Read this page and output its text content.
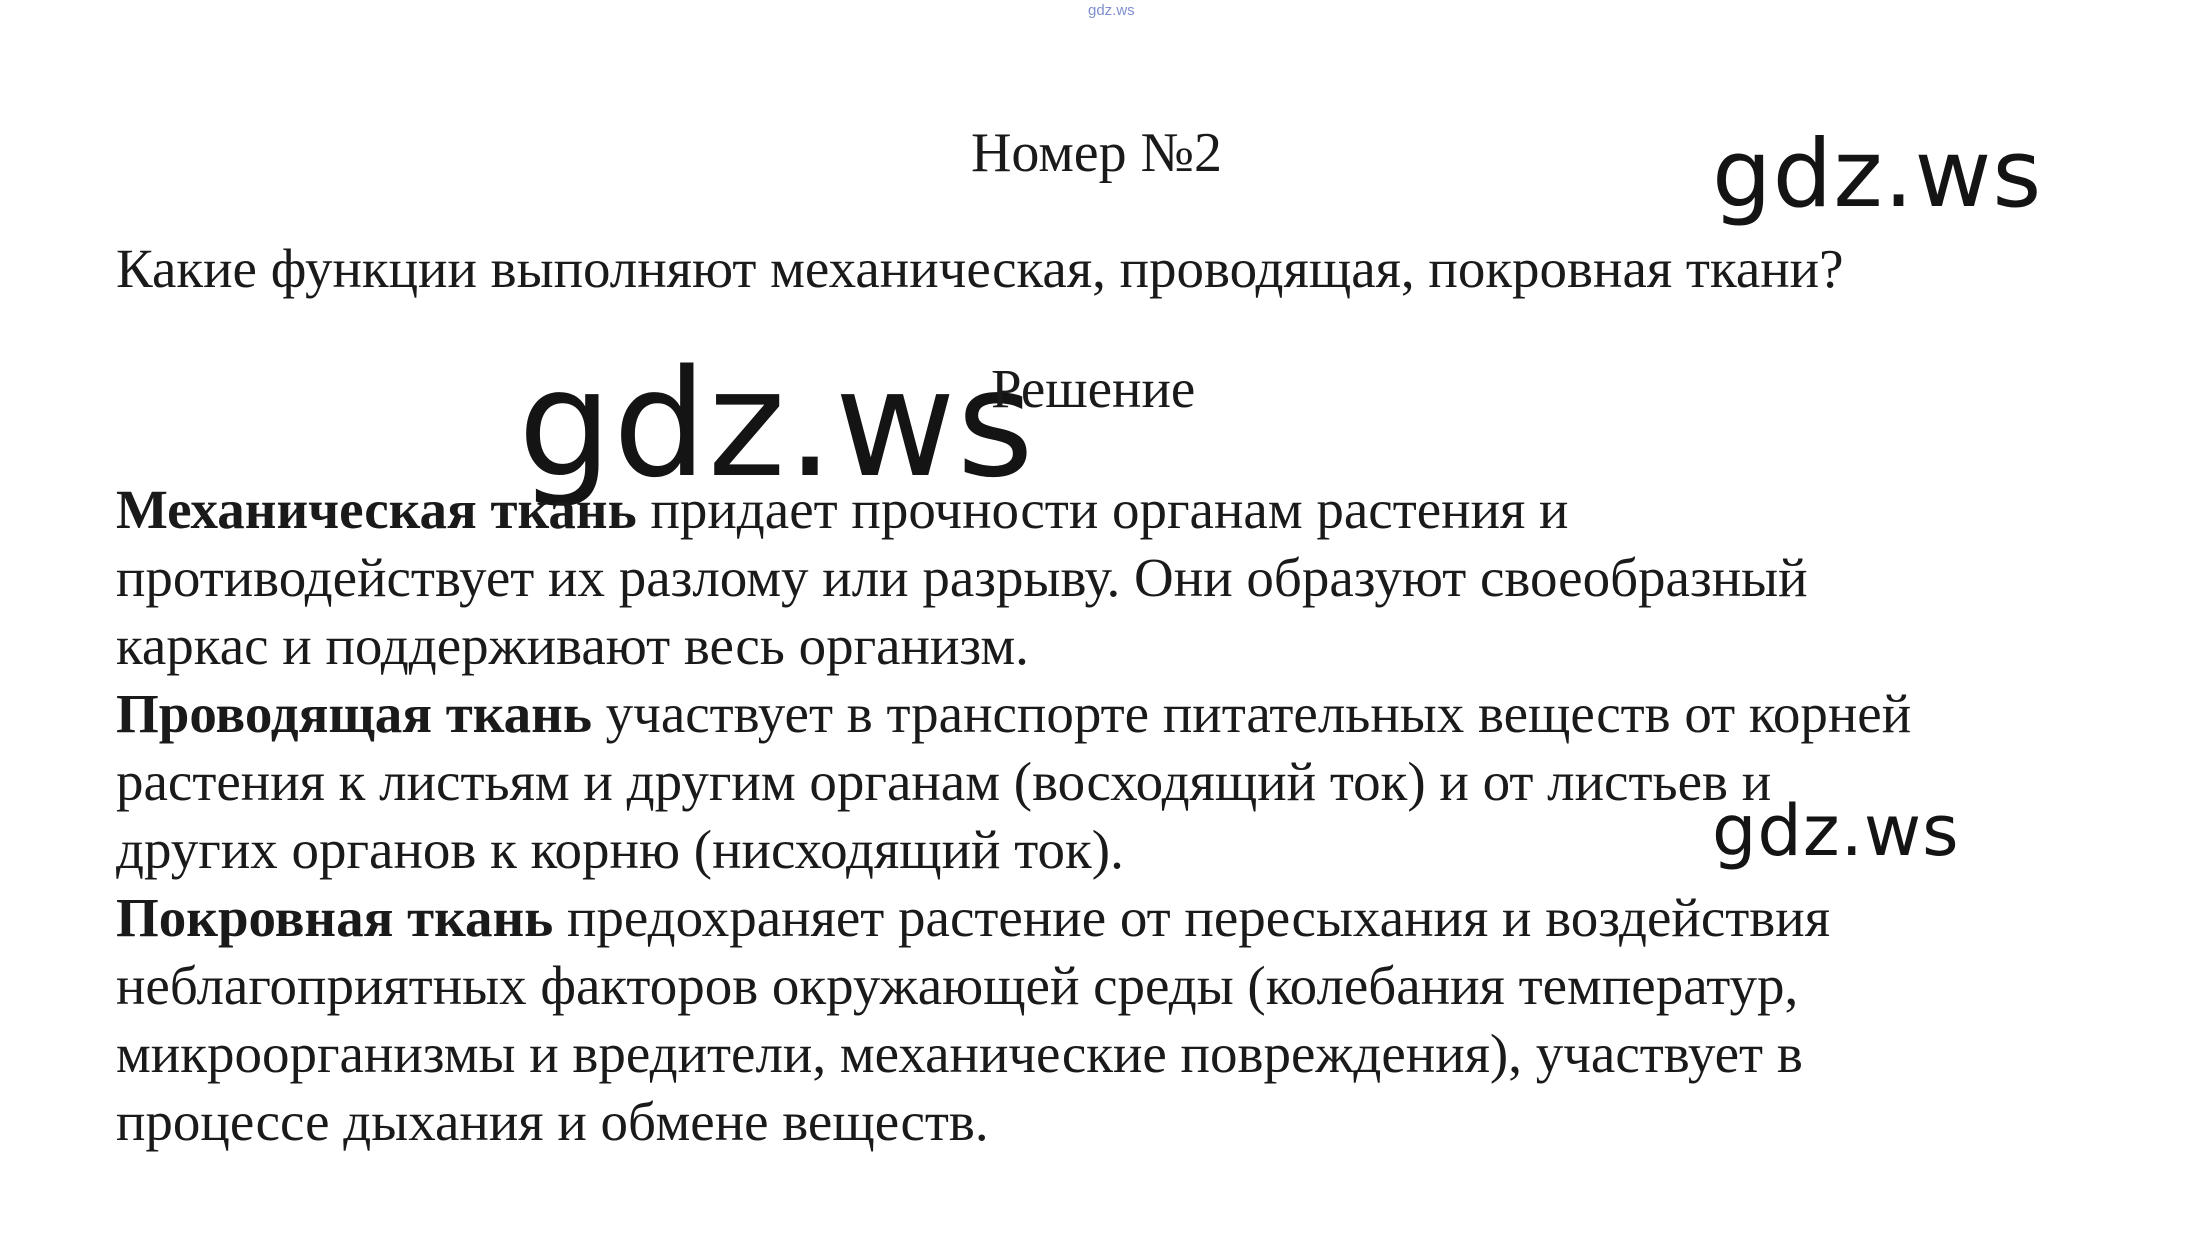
gdz.ws
Номер №2	gdz.ws
Какие функции выполняют механическая, проводящая, покровная ткани?
gdz.ws
Решение

Механическая ткань придает прочности органам растения и
противодействует их разлому или разрыву. Они образуют своеобразный
каркас и поддерживают весь организм.

Проводящая ткань участвует в транспорте питательных веществ от корней
растения к листьям и другим органам (восходящий ток) и от листьев и
других органов к корню (нисходящий ток).

Покровная ткань предохраняет растение от пересыхания и воздействия
неблагоприятных факторов окружающей среды (колебания температур,
микроорганизмы и вредители, механические повреждения), участвует в
процессе дыхания и обмене веществ.

gdz.ws
